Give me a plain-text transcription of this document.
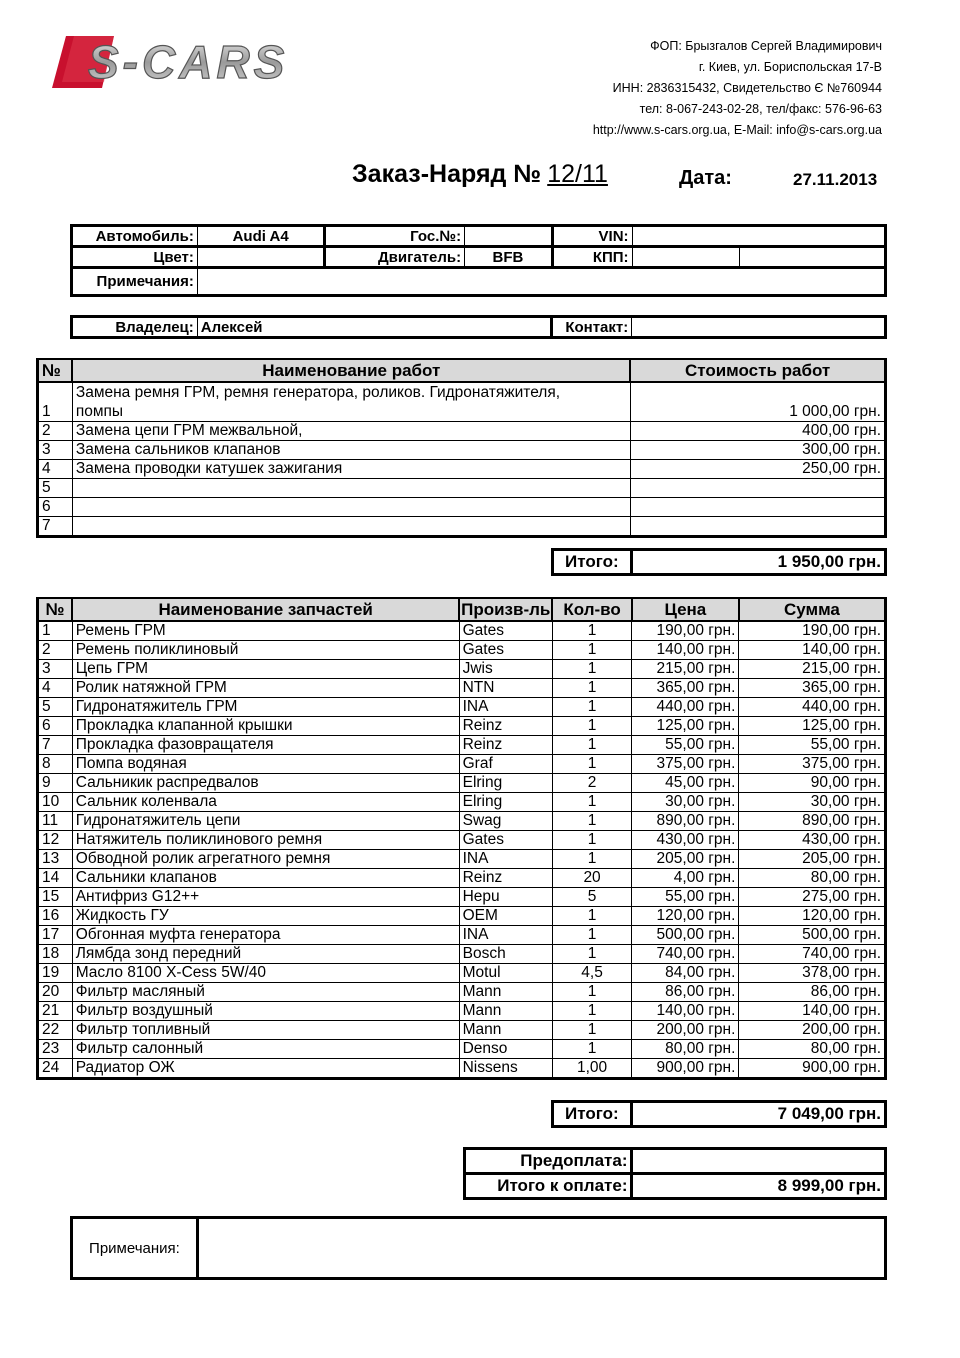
S-CARS	ФОП: Брызгалов Сергей Владимирович
г. Киев, ул. Бориспольская 17-В
ИНН: 2836315432, Свидетельство Є №760944
тел: 8-067-243-02-28, тел/факс: 576-96-63
http://www.s-cars.org.ua, E-Mail: info@s-cars.org.ua
Заказ-Наряд № 12/11	Дата:	27.11.2013
Автомобиль:	Audi A4	Гос.№:		VIN:		
Цвет:		Двигатель:	BFB	КПП:		
Примечания:						
Владелец:	Алексей	Контакт:	
№	Наименование работ	Стоимость работ
1	Замена ремня ГРМ, ремня генератора, роликов. Гидронатяжителя,
помпы	1 000,00 грн.
2	Замена цепи ГРМ межвальной,	400,00 грн.
3	Замена сальников клапанов	300,00 грн.
4	Замена проводки катушек зажигания	250,00 грн.
5		
6		
7		
Итого:	1 950,00 грн.
№	Наименование запчастей	Произв-ль	Кол-во	Цена	Сумма
1	Ремень ГРМ	Gates	1	190,00 грн.	190,00 грн.
2	Ремень поликлиновый	Gates	1	140,00 грн.	140,00 грн.
3	Цепь ГРМ	Jwis	1	215,00 грн.	215,00 грн.
4	Ролик натяжной ГРМ	NTN	1	365,00 грн.	365,00 грн.
5	Гидронатяжитель ГРМ	INA	1	440,00 грн.	440,00 грн.
6	Прокладка клапанной крышки	Reinz	1	125,00 грн.	125,00 грн.
7	Прокладка фазовращателя	Reinz	1	55,00 грн.	55,00 грн.
8	Помпа водяная	Graf	1	375,00 грн.	375,00 грн.
9	Сальникик распредвалов	Elring	2	45,00 грн.	90,00 грн.
10	Сальник коленвала	Elring	1	30,00 грн.	30,00 грн.
11	Гидронатяжитель цепи	Swag	1	890,00 грн.	890,00 грн.
12	Натяжитель поликлинового ремня	Gates	1	430,00 грн.	430,00 грн.
13	Обводной ролик агрегатного ремня	INA	1	205,00 грн.	205,00 грн.
14	Сальники клапанов	Reinz	20	4,00 грн.	80,00 грн.
15	Антифриз G12++	Hepu	5	55,00 грн.	275,00 грн.
16	Жидкость ГУ	OEM	1	120,00 грн.	120,00 грн.
17	Обгонная муфта генератора	INA	1	500,00 грн.	500,00 грн.
18	Лямбда зонд передний	Bosch	1	740,00 грн.	740,00 грн.
19	Масло 8100 X-Cess 5W/40	Motul	4,5	84,00 грн.	378,00 грн.
20	Фильтр масляный	Mann	1	86,00 грн.	86,00 грн.
21	Фильтр воздушный	Mann	1	140,00 грн.	140,00 грн.
22	Фильтр топливный	Mann	1	200,00 грн.	200,00 грн.
23	Фильтр салонный	Denso	1	80,00 грн.	80,00 грн.
24	Радиатор ОЖ	Nissens	1,00	900,00 грн.	900,00 грн.
Итого:	7 049,00 грн.
Предоплата:	
Итого к оплате:	8 999,00 грн.
Примечания:	
